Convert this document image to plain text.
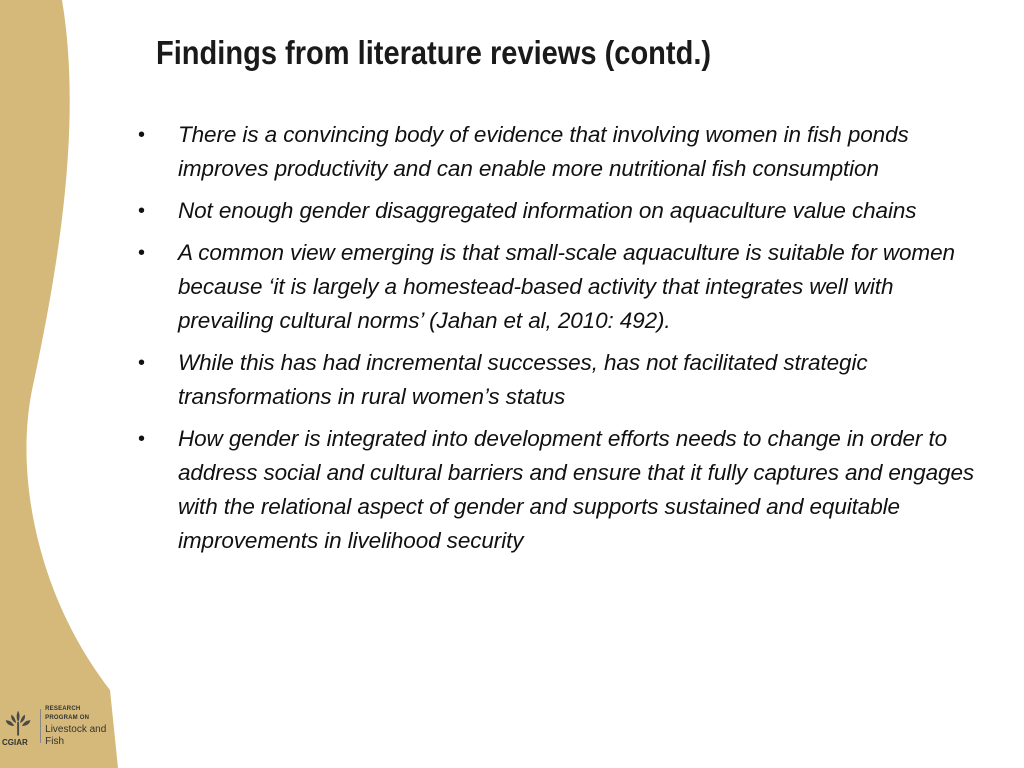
Findings from literature reviews (contd.)
• There is a convincing body of evidence that involving women in fish ponds improves productivity and can enable more nutritional fish consumption
• Not enough gender disaggregated information on aquaculture value chains
• A common view emerging is that small-scale aquaculture is suitable for women because ‘it is largely a homestead-based activity that integrates well with prevailing cultural norms’ (Jahan et al, 2010: 492).
• While this has had incremental successes, has not facilitated strategic transformations in rural women’s status
• How gender is integrated into development efforts needs to change in order to address social and cultural barriers and ensure that it fully captures and engages with the relational aspect of gender and supports sustained and equitable improvements in livelihood security
RESEARCH
PROGRAM ON
Livestock and Fish
CGIAR
